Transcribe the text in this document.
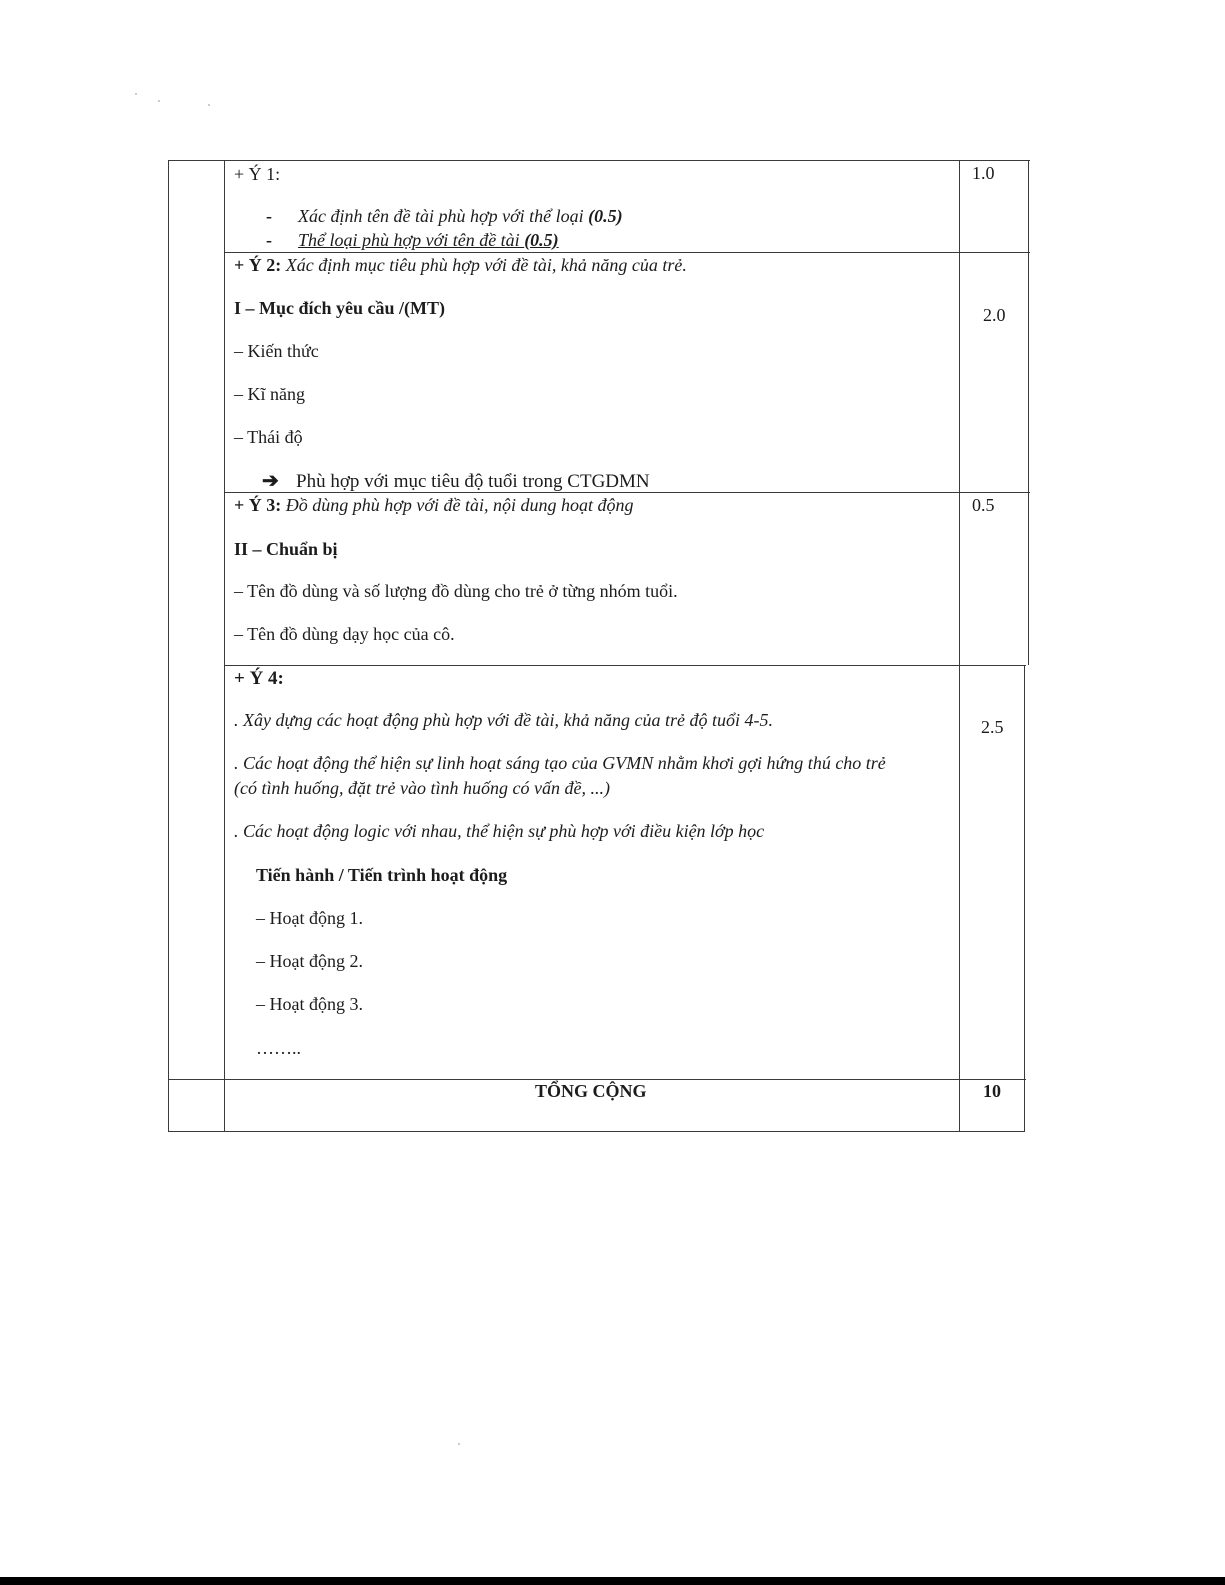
+ Ý 1:
- Xác định tên đề tài phù hợp với thể loại (0.5)
- Thể loại phù hợp với tên đề tài (0.5)
1.0
+ Ý 2: Xác định mục tiêu phù hợp với đề tài, khả năng của trẻ.
I – Mục đích yêu cầu /(MT)
– Kiến thức
– Kĩ năng
– Thái độ
➔ Phù hợp với mục tiêu độ tuổi trong CTGDMN
2.0
+ Ý 3: Đồ dùng phù hợp với đề tài, nội dung hoạt động
II – Chuẩn bị
– Tên đồ dùng và số lượng đồ dùng cho trẻ ở từng nhóm tuổi.
– Tên đồ dùng dạy học của cô.
0.5
+ Ý 4:
. Xây dựng các hoạt động phù hợp với đề tài, khả năng của trẻ độ tuổi 4-5.
. Các hoạt động thể hiện sự linh hoạt sáng tạo của GVMN nhằm khơi gợi hứng thú cho trẻ
(có tình huống, đặt trẻ vào tình huống có vấn đề, ...)
. Các hoạt động logic với nhau, thể hiện sự phù hợp với điều kiện lớp học
Tiến hành / Tiến trình hoạt động
– Hoạt động 1.
– Hoạt động 2.
– Hoạt động 3.
……..
2.5
TỔNG CỘNG	10
